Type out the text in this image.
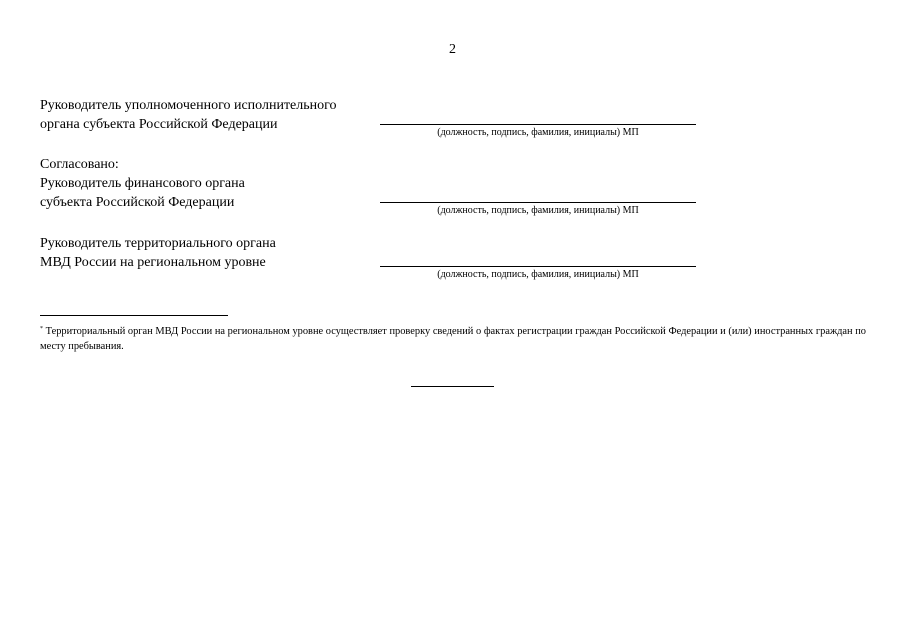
2
Руководитель уполномоченного исполнительного
органа субъекта Российской Федерации
(должность, подпись, фамилия, инициалы) МП
Согласовано:
Руководитель финансового органа
субъекта Российской Федерации
(должность, подпись, фамилия, инициалы) МП
Руководитель территориального органа
МВД России на региональном уровне
(должность, подпись, фамилия, инициалы) МП
* Территориальный орган МВД России на региональном уровне осуществляет проверку сведений о фактах регистрации граждан Российской Федерации и (или) иностранных граждан по месту пребывания.
